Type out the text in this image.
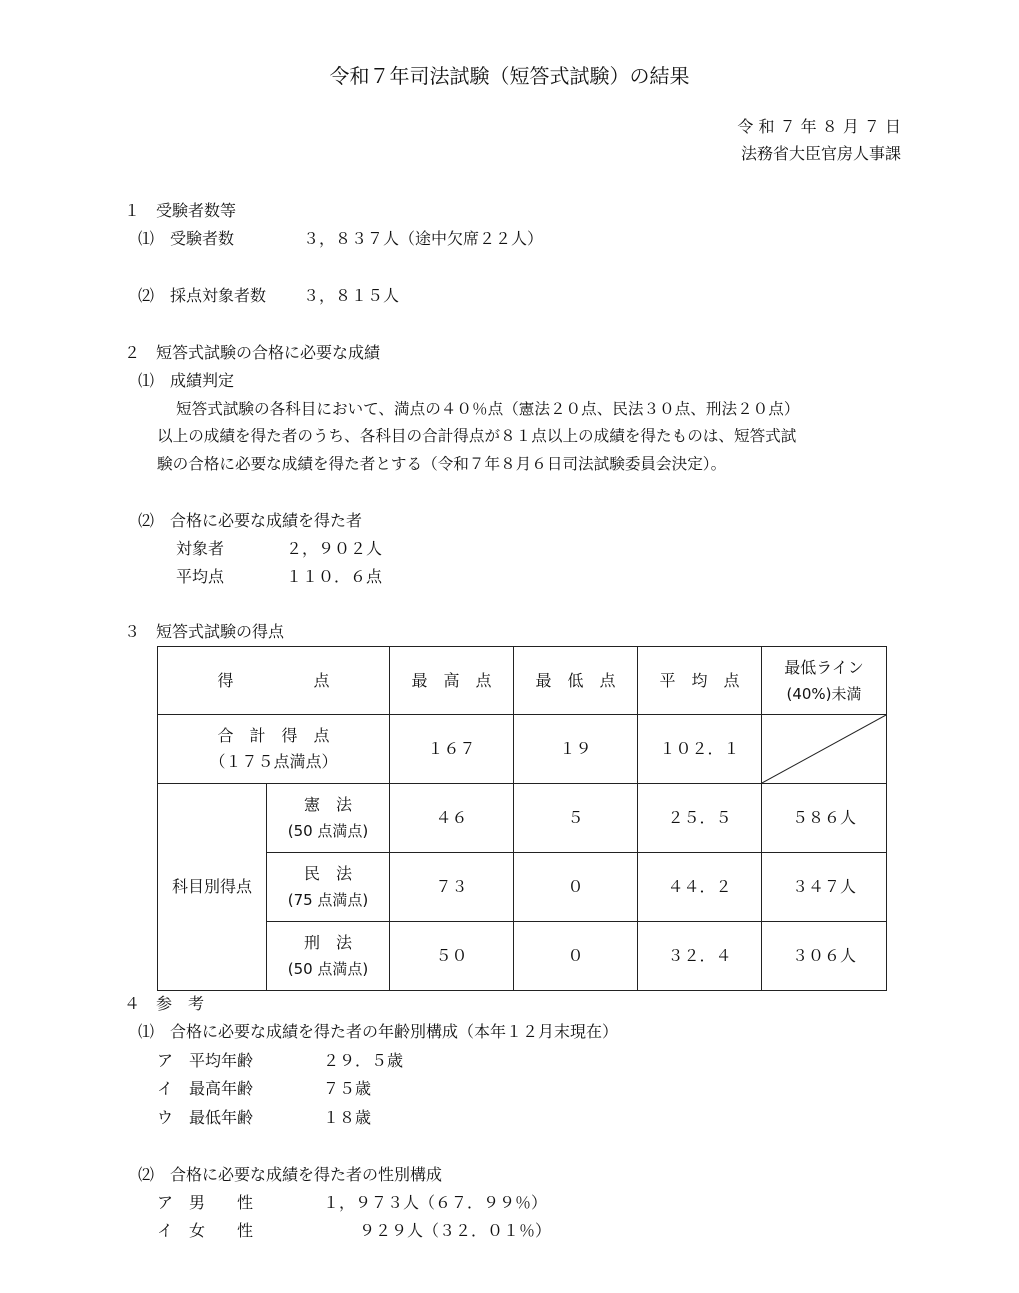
令和７年司法試験（短答式試験）の結果
令 和 ７ 年 ８ 月 ７ 日
法務省大臣官房人事課
１　受験者数等
⑴　受験者数	３，８３７人（途中欠席２２人）
⑵　採点対象者数 ３，８１５人
２　短答式試験の合格に必要な成績
⑴　成績判定
短答式試験の各科目において、満点の４０％点（憲法２０点、民法３０点、刑法２０点）
以上の成績を得た者のうち、各科目の合計得点が８１点以上の成績を得たものは、短答式試
験の合格に必要な成績を得た者とする（令和７年８月６日司法試験委員会決定）。
⑵　合格に必要な成績を得た者
対象者	２，９０２人
平均点	１１０．６点
３　短答式試験の得点
得　　　　　点		最　高　点	最　低　点	平　均　点	最低ライン
(40%)未満

合　計　得　点
（１７５点満点）		１６７	１９	１０２．１	

科目別得点	憲　法
(50 点満点)	４６	５	２５．５	５８６人

	民　法
(75 点満点)	７３	０	４４．２	３４７人

	刑　法
(50 点満点)	５０	０	３２．４	３０６人
４　参　考
⑴　合格に必要な成績を得た者の年齢別構成（本年１２月末現在）
ア　平均年齢	２９．５歳
イ　最高年齢	７５歳
ウ　最低年齢	１８歳
⑵　合格に必要な成績を得た者の性別構成
ア　男　　性	１，９７３人（６７．９９％）
イ　女　　性	９２９人（３２．０１％）
